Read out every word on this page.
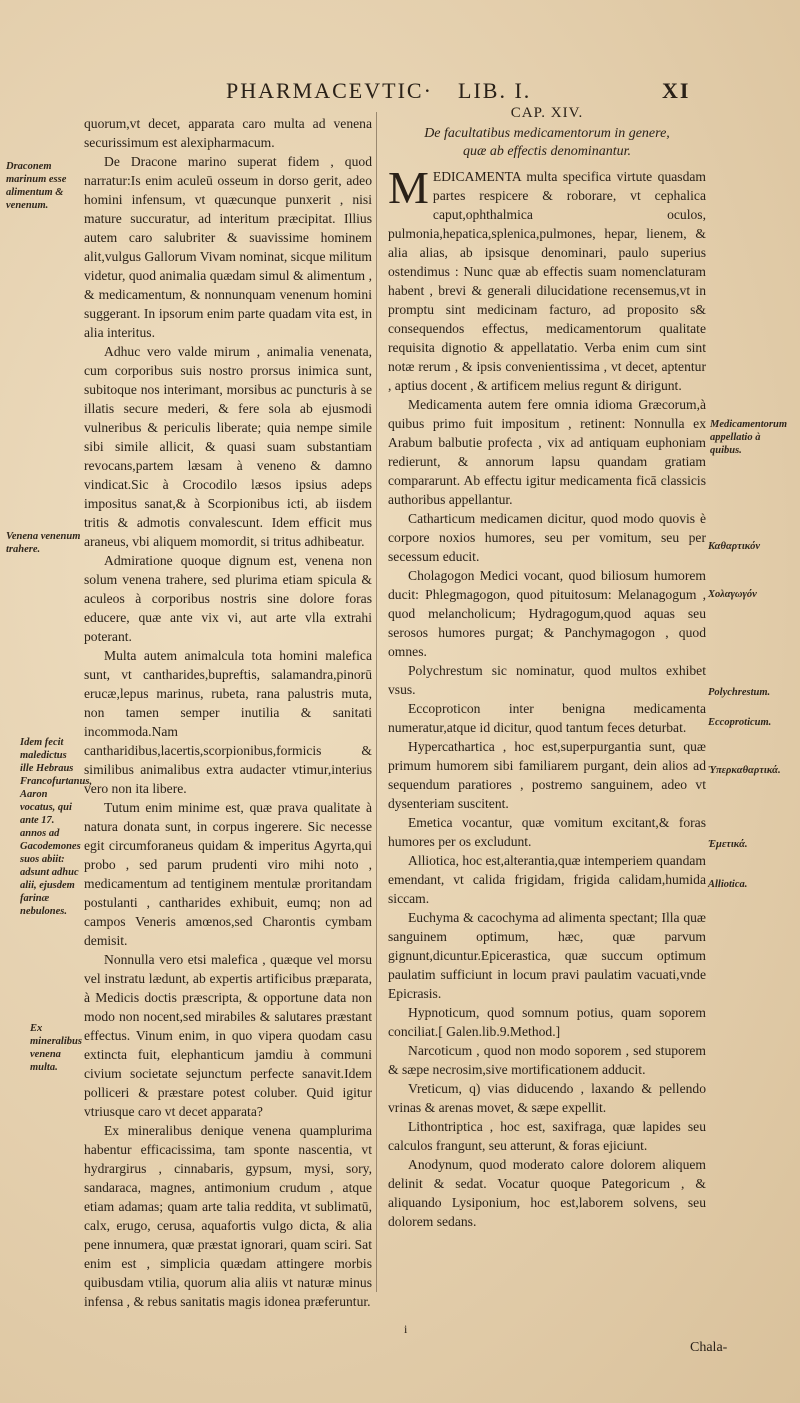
PHARMACEVTIC· LIB. I.	XI
Draconem marinum esse alimentum & venenum.
Venena venenum trahere.
Idem fecit maledictus ille Hebraus Francofurtanus, Aaron vocatus, qui ante 17. annos ad Gacodemones suos abiit: adsunt adhuc alii, ejusdem farinæ nebulones.
Ex mineralibus venena multa.

quorum,vt decet, apparata caro multa ad venena securissimum est alexipharmacum.

De Dracone marino superat fidem , quod narratur:Is enim aculeū osseum in dorso gerit, adeo homini infensum, vt quæcunque punxerit , nisi mature succuratur, ad interitum præcipitat. Illius autem caro salubriter & suavissime hominem alit,vulgus Gallorum Vivam nominat, sicque militum videtur, quod animalia quædam simul & alimentum , & medicamentum, & nonnunquam venenum homini suggerant. In ipsorum enim parte quadam vita est, in alia interitus.

Adhuc vero valde mirum , animalia venenata, cum corporibus suis nostro prorsus inimica sunt, subitoque nos interimant, morsibus ac puncturis à se illatis secure mederi, & fere sola ab ejusmodi vulneribus & periculis liberate; quia nempe simile sibi simile allicit, & quasi suam substantiam revocans,partem læsam à veneno & damno vindicat.Sic à Crocodilo læsos ipsius adeps impositus sanat,& à Scorpionibus icti, ab iisdem tritis & admotis convalescunt. Idem efficit mus araneus, vbi aliquem momordit, si tritus adhibeatur.

Admiratione quoque dignum est, venena non solum venena trahere, sed plurima etiam spicula & aculeos à corporibus nostris sine dolore foras educere, quæ ante vix vi, aut arte vlla extrahi poterant.

Multa autem animalcula tota homini malefica sunt, vt cantharides,bupreftis, salamandra,pinorū erucæ,lepus marinus, rubeta, rana palustris muta, non tamen semper inutilia & sanitati incommoda.Nam cantharidibus,lacertis,scorpionibus,formicis & similibus animalibus extra audacter vtimur,interius vero non ita libere.

Tutum enim minime est, quæ prava qualitate à natura donata sunt, in corpus ingerere. Sic necesse egit circumforaneus quidam & imperitus Agyrta,qui probo , sed parum prudenti viro mihi noto , medicamentum ad tentiginem mentulæ proritandam postulanti , cantharides exhibuit, eumq; non ad campos Veneris amœnos,sed Charontis cymbam demisit.

Nonnulla vero etsi malefica , quæque vel morsu vel instratu lædunt, ab expertis artificibus præparata, à Medicis doctis præscripta, & opportune data non modo non nocent,sed mirabiles & salutares præstant effectus. Vinum enim, in quo vipera quodam casu extincta fuit, elephanticum jamdiu à communi civium societate sejunctum perfecte sanavit.Idem polliceri & præstare potest coluber. Quid igitur vtriusque caro vt decet apparata?

Ex mineralibus denique venena quamplurima habentur efficacissima, tam sponte nascentia, vt hydrargirus , cinnabaris, gypsum, mysi, sory, sandaraca, magnes, antimonium crudum , atque etiam adamas; quam arte talia reddita, vt sublimatū, calx, erugo, cerusa, aquafortis vulgo dicta, & alia pene innumera, quæ præstat ignorari, quam sciri. Sat enim est , simplicia quædam attingere morbis quibusdam vtilia, quorum alia aliis vt naturæ minus infensa , & rebus sanitatis magis idonea præferuntur.

CAP. XIV.
De facultatibus medicamentorum in genere,
quæ ab effectis denominantur.

MEDICAMENTA multa specifica virtute quasdam partes respicere & roborare, vt cephalica caput,ophthalmica oculos, pulmonia,hepatica,splenica,pulmones, hepar, lienem, & alia alias, ab ipsisque denominari, paulo superius ostendimus : Nunc quæ ab effectis suam nomenclaturam habent , brevi & generali dilucidatione recensemus,vt in promptu sint medicinam facturo, ad proposito s& consequendos effectus, medicamentorum qualitate requisita dignotio & appellatatio. Verba enim cum sint notæ rerum , & ipsis convenientissima , vt decet, aptentur , aptius docent , & artificem melius regunt & dirigunt.

Medicamenta autem fere omnia idioma Græcorum,à quibus primo fuit impositum , retinent: Nonnulla ex Arabum balbutie profecta , vix ad antiquam euphoniam redierunt, & annorum lapsu quandam gratiam compararunt. Ab effectu igitur medicamenta ficā classicis authoribus appellantur.

Catharticum medicamen dicitur, quod modo quovis è corpore noxios humores, seu per vomitum, seu per secessum educit.

Cholagogon Medici vocant, quod biliosum humorem ducit: Phlegmagogon, quod pituitosum: Melanagogum , quod melancholicum; Hydragogum,quod aquas seu serosos humores purgat; & Panchymagogon , quod omnes.

Polychrestum sic nominatur, quod multos exhibet vsus.

Eccoproticon inter benigna medicamenta numeratur,atque id dicitur, quod tantum feces deturbat.

Hypercathartica , hoc est,superpurgantia sunt, quæ primum humorem sibi familiarem purgant, dein alios ad sequendum paratiores , postremo sanguinem, adeo vt dysenteriam suscitent.

Emetica vocantur, quæ vomitum excitant,& foras humores per os excludunt.

Alliotica, hoc est,alterantia,quæ intemperiem quandam emendant, vt calida frigidam, frigida calidam,humida siccam.

Euchyma & cacochyma ad alimenta spectant; Illa quæ sanguinem optimum, hæc, quæ parvum gignunt,dicuntur.Epicerastica, quæ succum optimum paulatim sufficiunt in locum pravi paulatim vacuati,vnde Epicrasis.

Hypnoticum, quod somnum potius, quam soporem conciliat.[ Galen.lib.9.Method.]

Narcoticum , quod non modo soporem , sed stuporem & sæpe necrosim,sive mortificationem adducit.

Vreticum, q) vias diducendo , laxando & pellendo vrinas & arenas movet, & sæpe expellit.

Lithontriptica , hoc est, saxifraga, quæ lapides seu calculos frangunt, seu atterunt, & foras ejiciunt.

Anodynum, quod moderato calore dolorem aliquem delinit & sedat. Vocatur quoque Pategoricum , & aliquando Lysiponium, hoc est,laborem solvens, seu dolorem sedans.

Medicamentorum appellatio à quibus.
Καθαρτικόν
Χολαγωγόν
Polychrestum.
Eccoproticum.
Ὑπερκαθαρτικά.
Ἐμετικά.
Alliotica.
i
Chala-
